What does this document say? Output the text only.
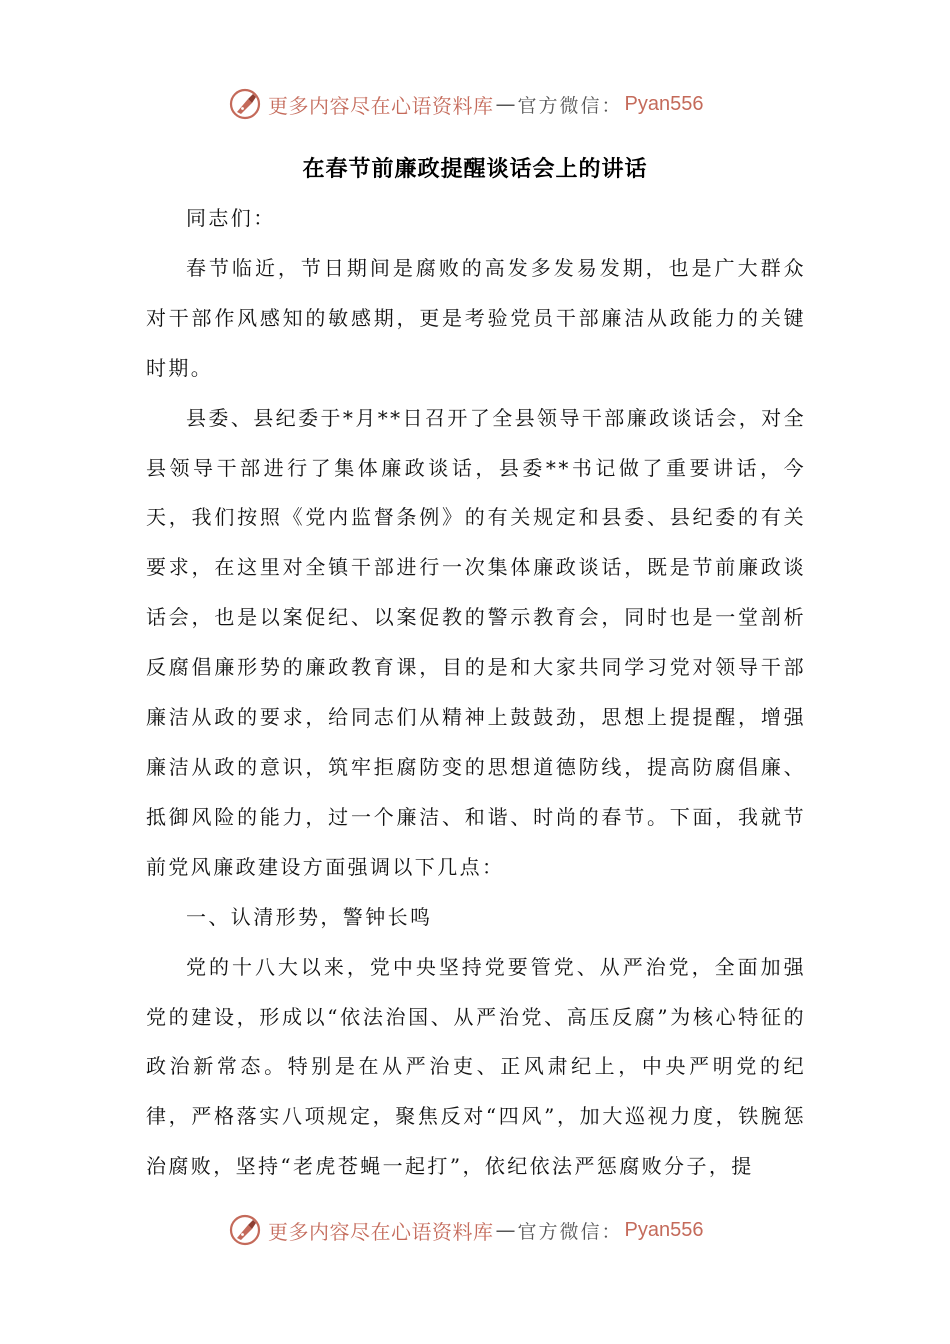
更多内容尽在心语资料库 — 官方微信： Pyan556
在春节前廉政提醒谈话会上的讲话

同志们：

春节临近，节日期间是腐败的高发多发易发期，也是广大群众对干部作风感知的敏感期，更是考验党员干部廉洁从政能力的关键时期。

县委、县纪委于*月**日召开了全县领导干部廉政谈话会，对全县领导干部进行了集体廉政谈话，县委**书记做了重要讲话，今天，我们按照《党内监督条例》的有关规定和县委、县纪委的有关要求，在这里对全镇干部进行一次集体廉政谈话，既是节前廉政谈话会，也是以案促纪、以案促教的警示教育会，同时也是一堂剖析反腐倡廉形势的廉政教育课，目的是和大家共同学习党对领导干部廉洁从政的要求，给同志们从精神上鼓鼓劲，思想上提提醒，增强廉洁从政的意识，筑牢拒腐防变的思想道德防线，提高防腐倡廉、抵御风险的能力，过一个廉洁、和谐、时尚的春节。下面，我就节前党风廉政建设方面强调以下几点：

一、认清形势，警钟长鸣

党的十八大以来，党中央坚持党要管党、从严治党，全面加强党的建设，形成以“依法治国、从严治党、高压反腐”为核心特征的政治新常态。特别是在从严治吏、正风肃纪上，中央严明党的纪律，严格落实八项规定，聚焦反对“四风”，加大巡视力度，铁腕惩治腐败，坚持“老虎苍蝇一起打”，依纪依法严惩腐败分子，提

更多内容尽在心语资料库 — 官方微信： Pyan556
